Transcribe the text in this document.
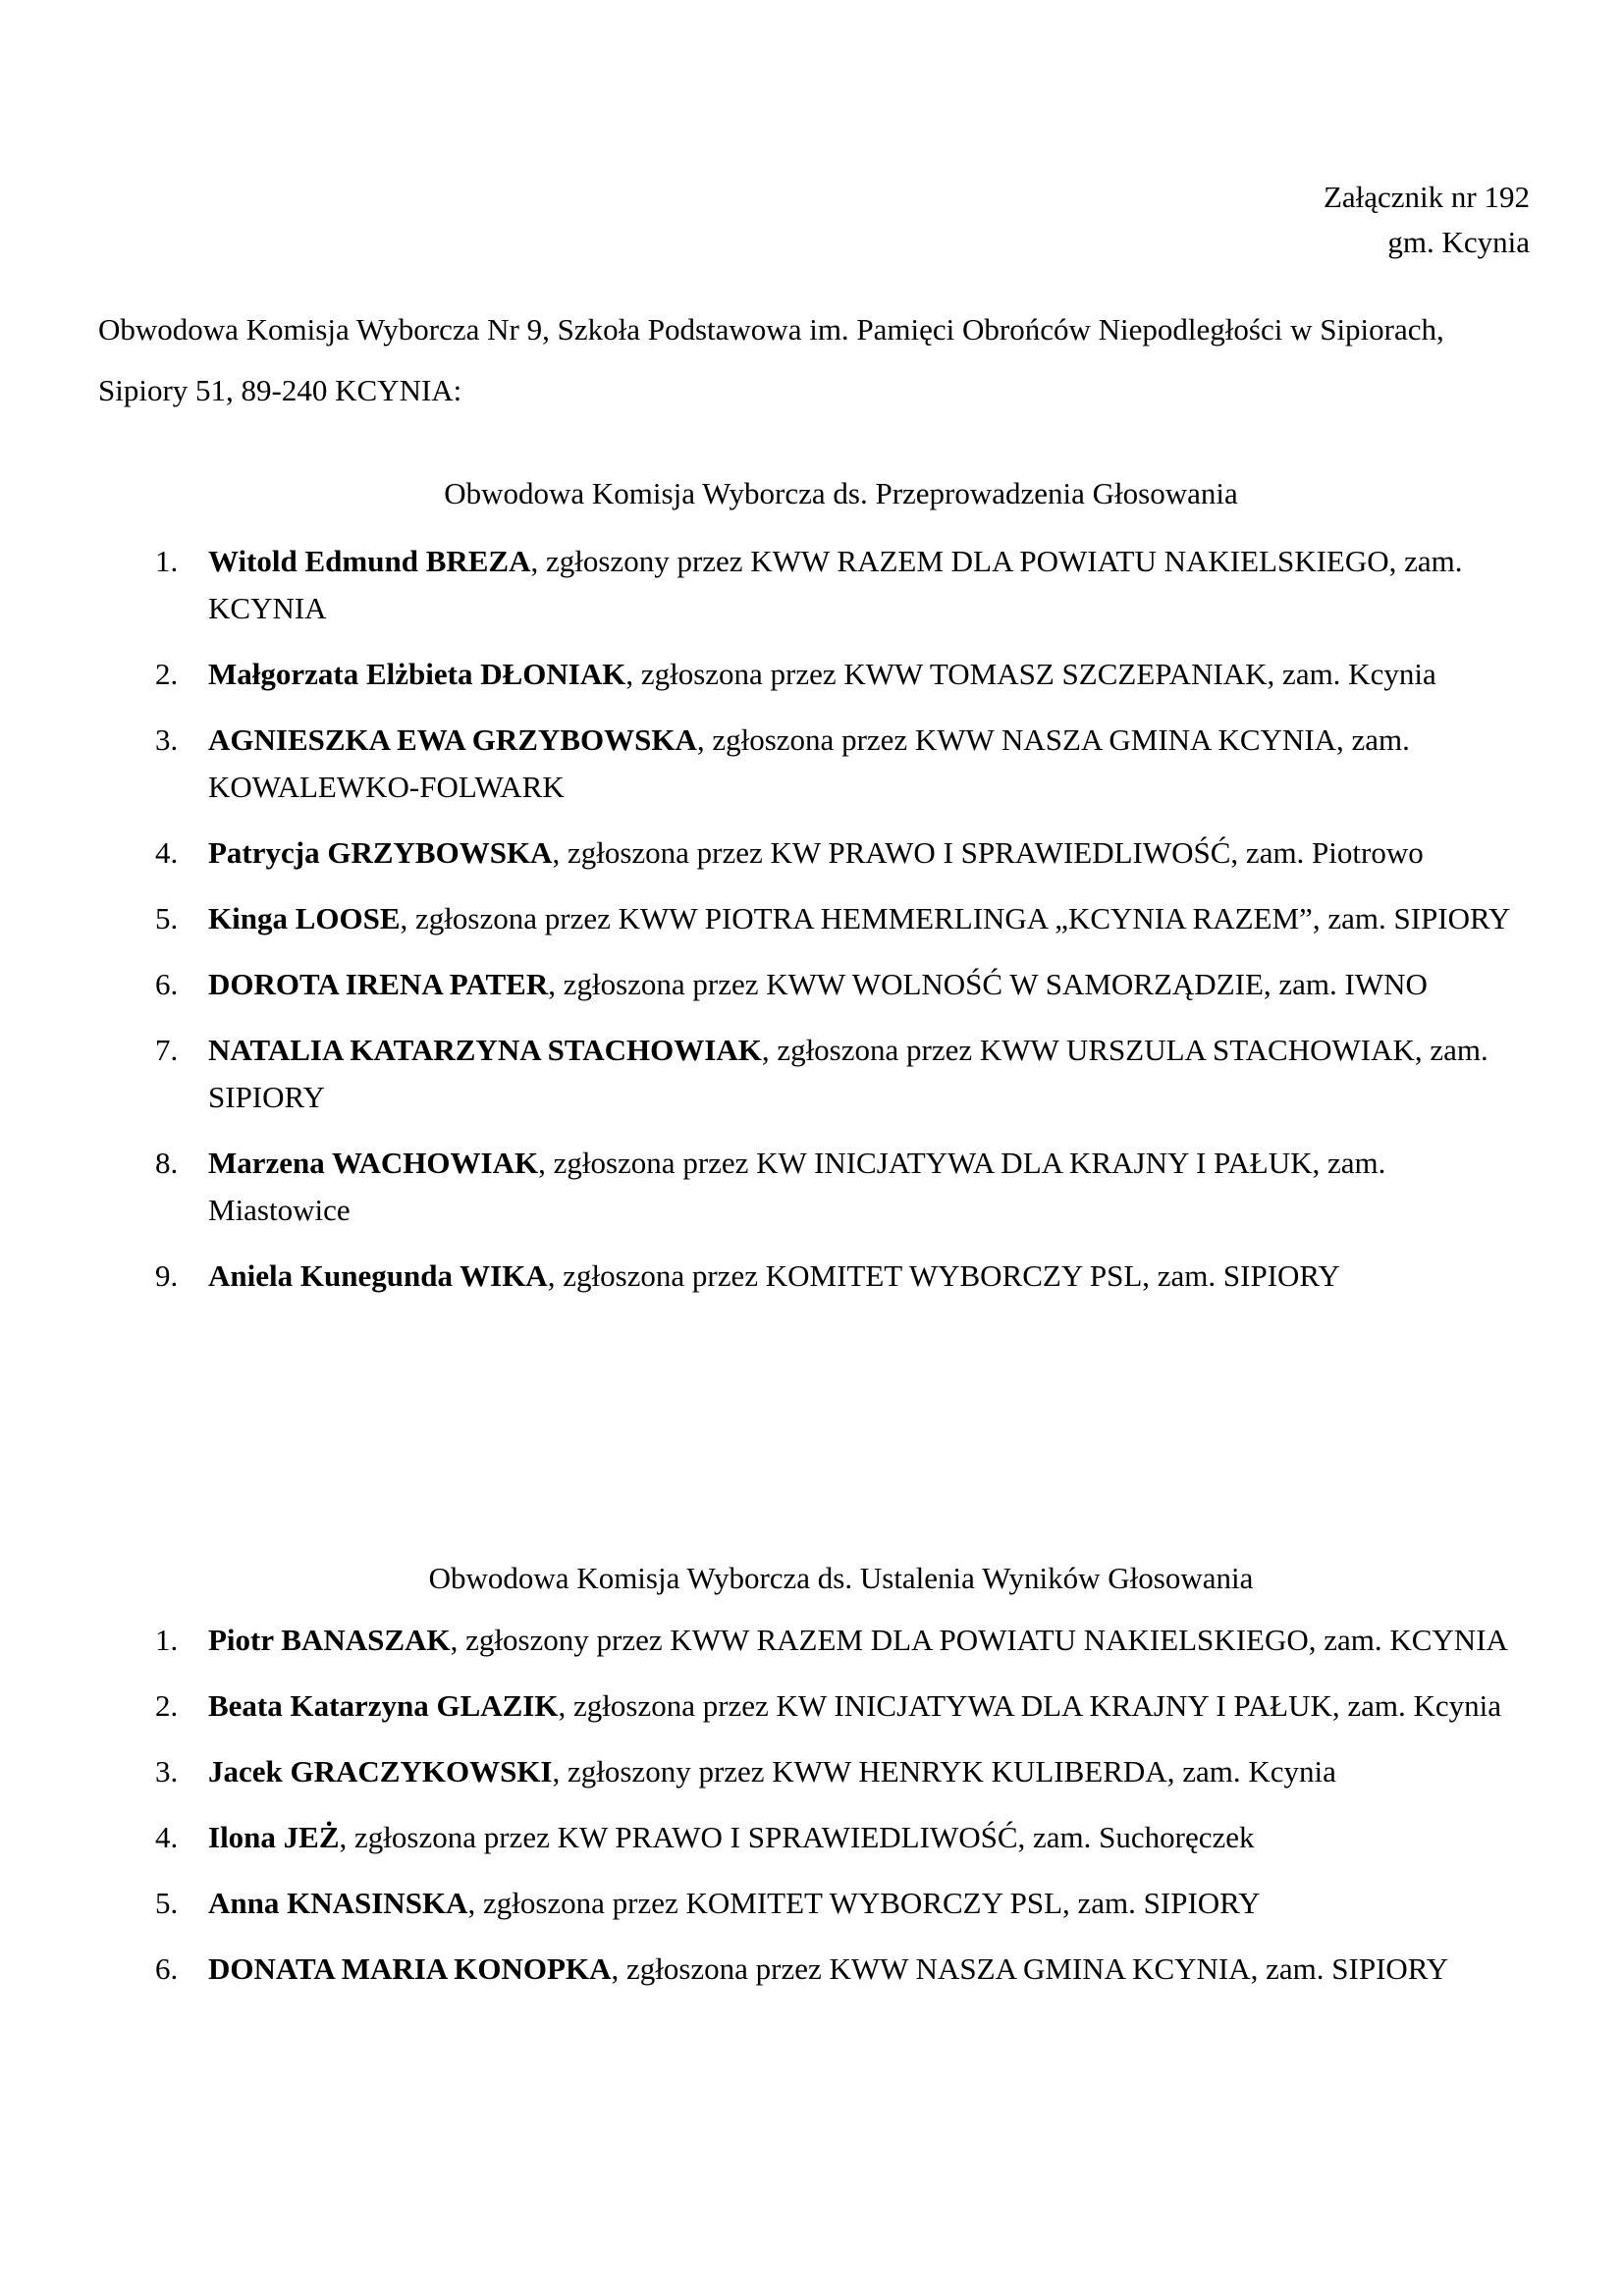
Załącznik nr 192
gm. Kcynia
Obwodowa Komisja Wyborcza Nr 9, Szkoła Podstawowa im. Pamięci Obrońców Niepodległości w Sipiorach, Sipiory 51, 89-240 KCYNIA:
Obwodowa Komisja Wyborcza ds. Przeprowadzenia Głosowania
1. Witold Edmund BREZA, zgłoszony przez KWW RAZEM DLA POWIATU NAKIELSKIEGO, zam. KCYNIA
2. Małgorzata Elżbieta DŁONIAK, zgłoszona przez KWW TOMASZ SZCZEPANIAK, zam. Kcynia
3. AGNIESZKA EWA GRZYBOWSKA, zgłoszona przez KWW NASZA GMINA KCYNIA, zam. KOWALEWKO-FOLWARK
4. Patrycja GRZYBOWSKA, zgłoszona przez KW PRAWO I SPRAWIEDLIWOŚĆ, zam. Piotrowo
5. Kinga LOOSE, zgłoszona przez KWW PIOTRA HEMMERLINGA „KCYNIA RAZEM”, zam. SIPIORY
6. DOROTA IRENA PATER, zgłoszona przez KWW WOLNOŚĆ W SAMORZĄDZIE, zam. IWNO
7. NATALIA KATARZYNA STACHOWIAK, zgłoszona przez KWW URSZULA STACHOWIAK, zam. SIPIORY
8. Marzena WACHOWIAK, zgłoszona przez KW INICJATYWA DLA KRAJNY I PAŁUK, zam. Miastowice
9. Aniela Kunegunda WIKA, zgłoszona przez KOMITET WYBORCZY PSL, zam. SIPIORY
Obwodowa Komisja Wyborcza ds. Ustalenia Wyników Głosowania
1. Piotr BANASZAK, zgłoszony przez KWW RAZEM DLA POWIATU NAKIELSKIEGO, zam. KCYNIA
2. Beata Katarzyna GLAZIK, zgłoszona przez KW INICJATYWA DLA KRAJNY I PAŁUK, zam. Kcynia
3. Jacek GRACZYKOWSKI, zgłoszony przez KWW HENRYK KULIBERDA, zam. Kcynia
4. Ilona JEŻ, zgłoszona przez KW PRAWO I SPRAWIEDLIWOŚĆ, zam. Suchoręczek
5. Anna KNASINSKA, zgłoszona przez KOMITET WYBORCZY PSL, zam. SIPIORY
6. DONATA MARIA KONOPKA, zgłoszona przez KWW NASZA GMINA KCYNIA, zam. SIPIORY
